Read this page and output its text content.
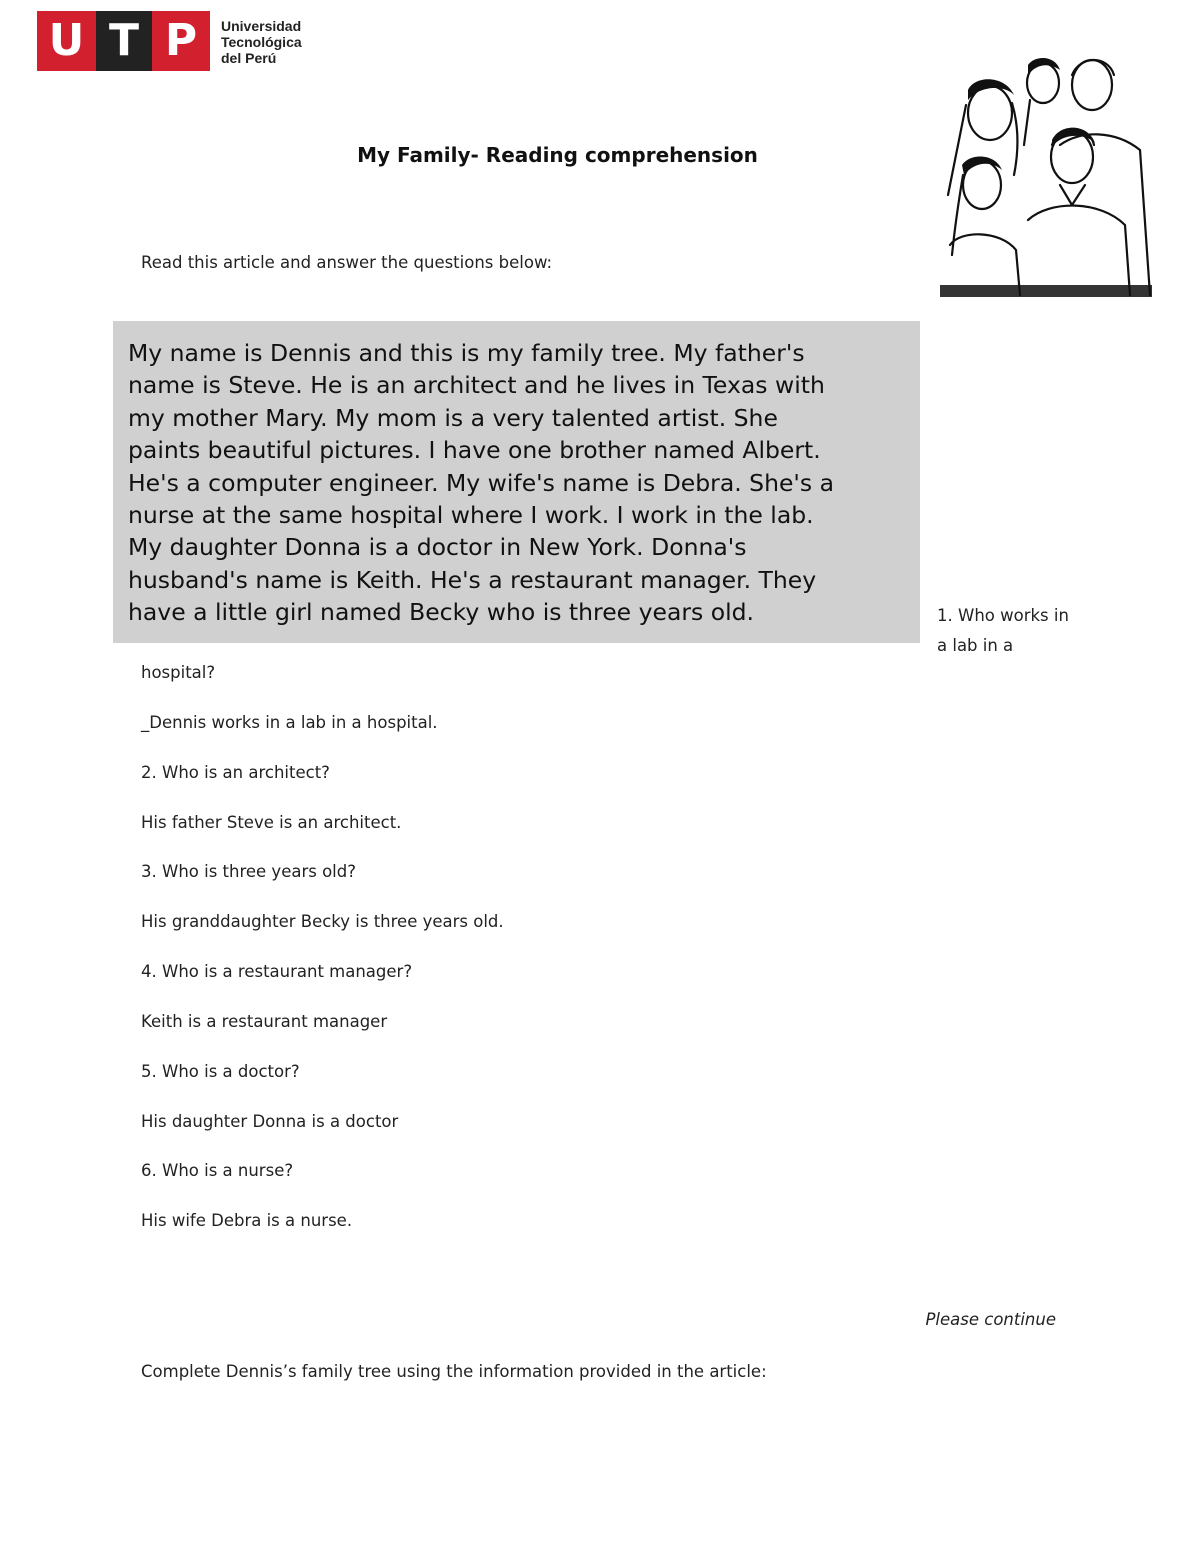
U T P	Universidad
Tecnológica
del Perú
My Family- Reading comprehension
Read this article and answer the questions below:
My name is Dennis and this is my family tree. My father's
name is Steve. He is an architect and he lives in Texas with
my mother Mary. My mom is a very talented artist. She
paints beautiful pictures. I have one brother named Albert.
He's a computer engineer. My wife's name is Debra. She's a
nurse at the same hospital where I work. I work in the lab.
My daughter Donna is a doctor in New York. Donna's
husband's name is Keith. He's a restaurant manager. They
have a little girl named Becky who is three years old.	1. Who works in a lab in a
hospital?
_Dennis works in a lab in a hospital.
2. Who is an architect?
His father Steve is an architect.
3. Who is three years old?
His granddaughter Becky is three years old.
4. Who is a restaurant manager?
Keith is a restaurant manager
5. Who is a doctor?
His daughter Donna is a doctor
6. Who is a nurse?
His wife Debra is a nurse.
Please continue
Complete Dennis’s family tree using the information provided in the article:
